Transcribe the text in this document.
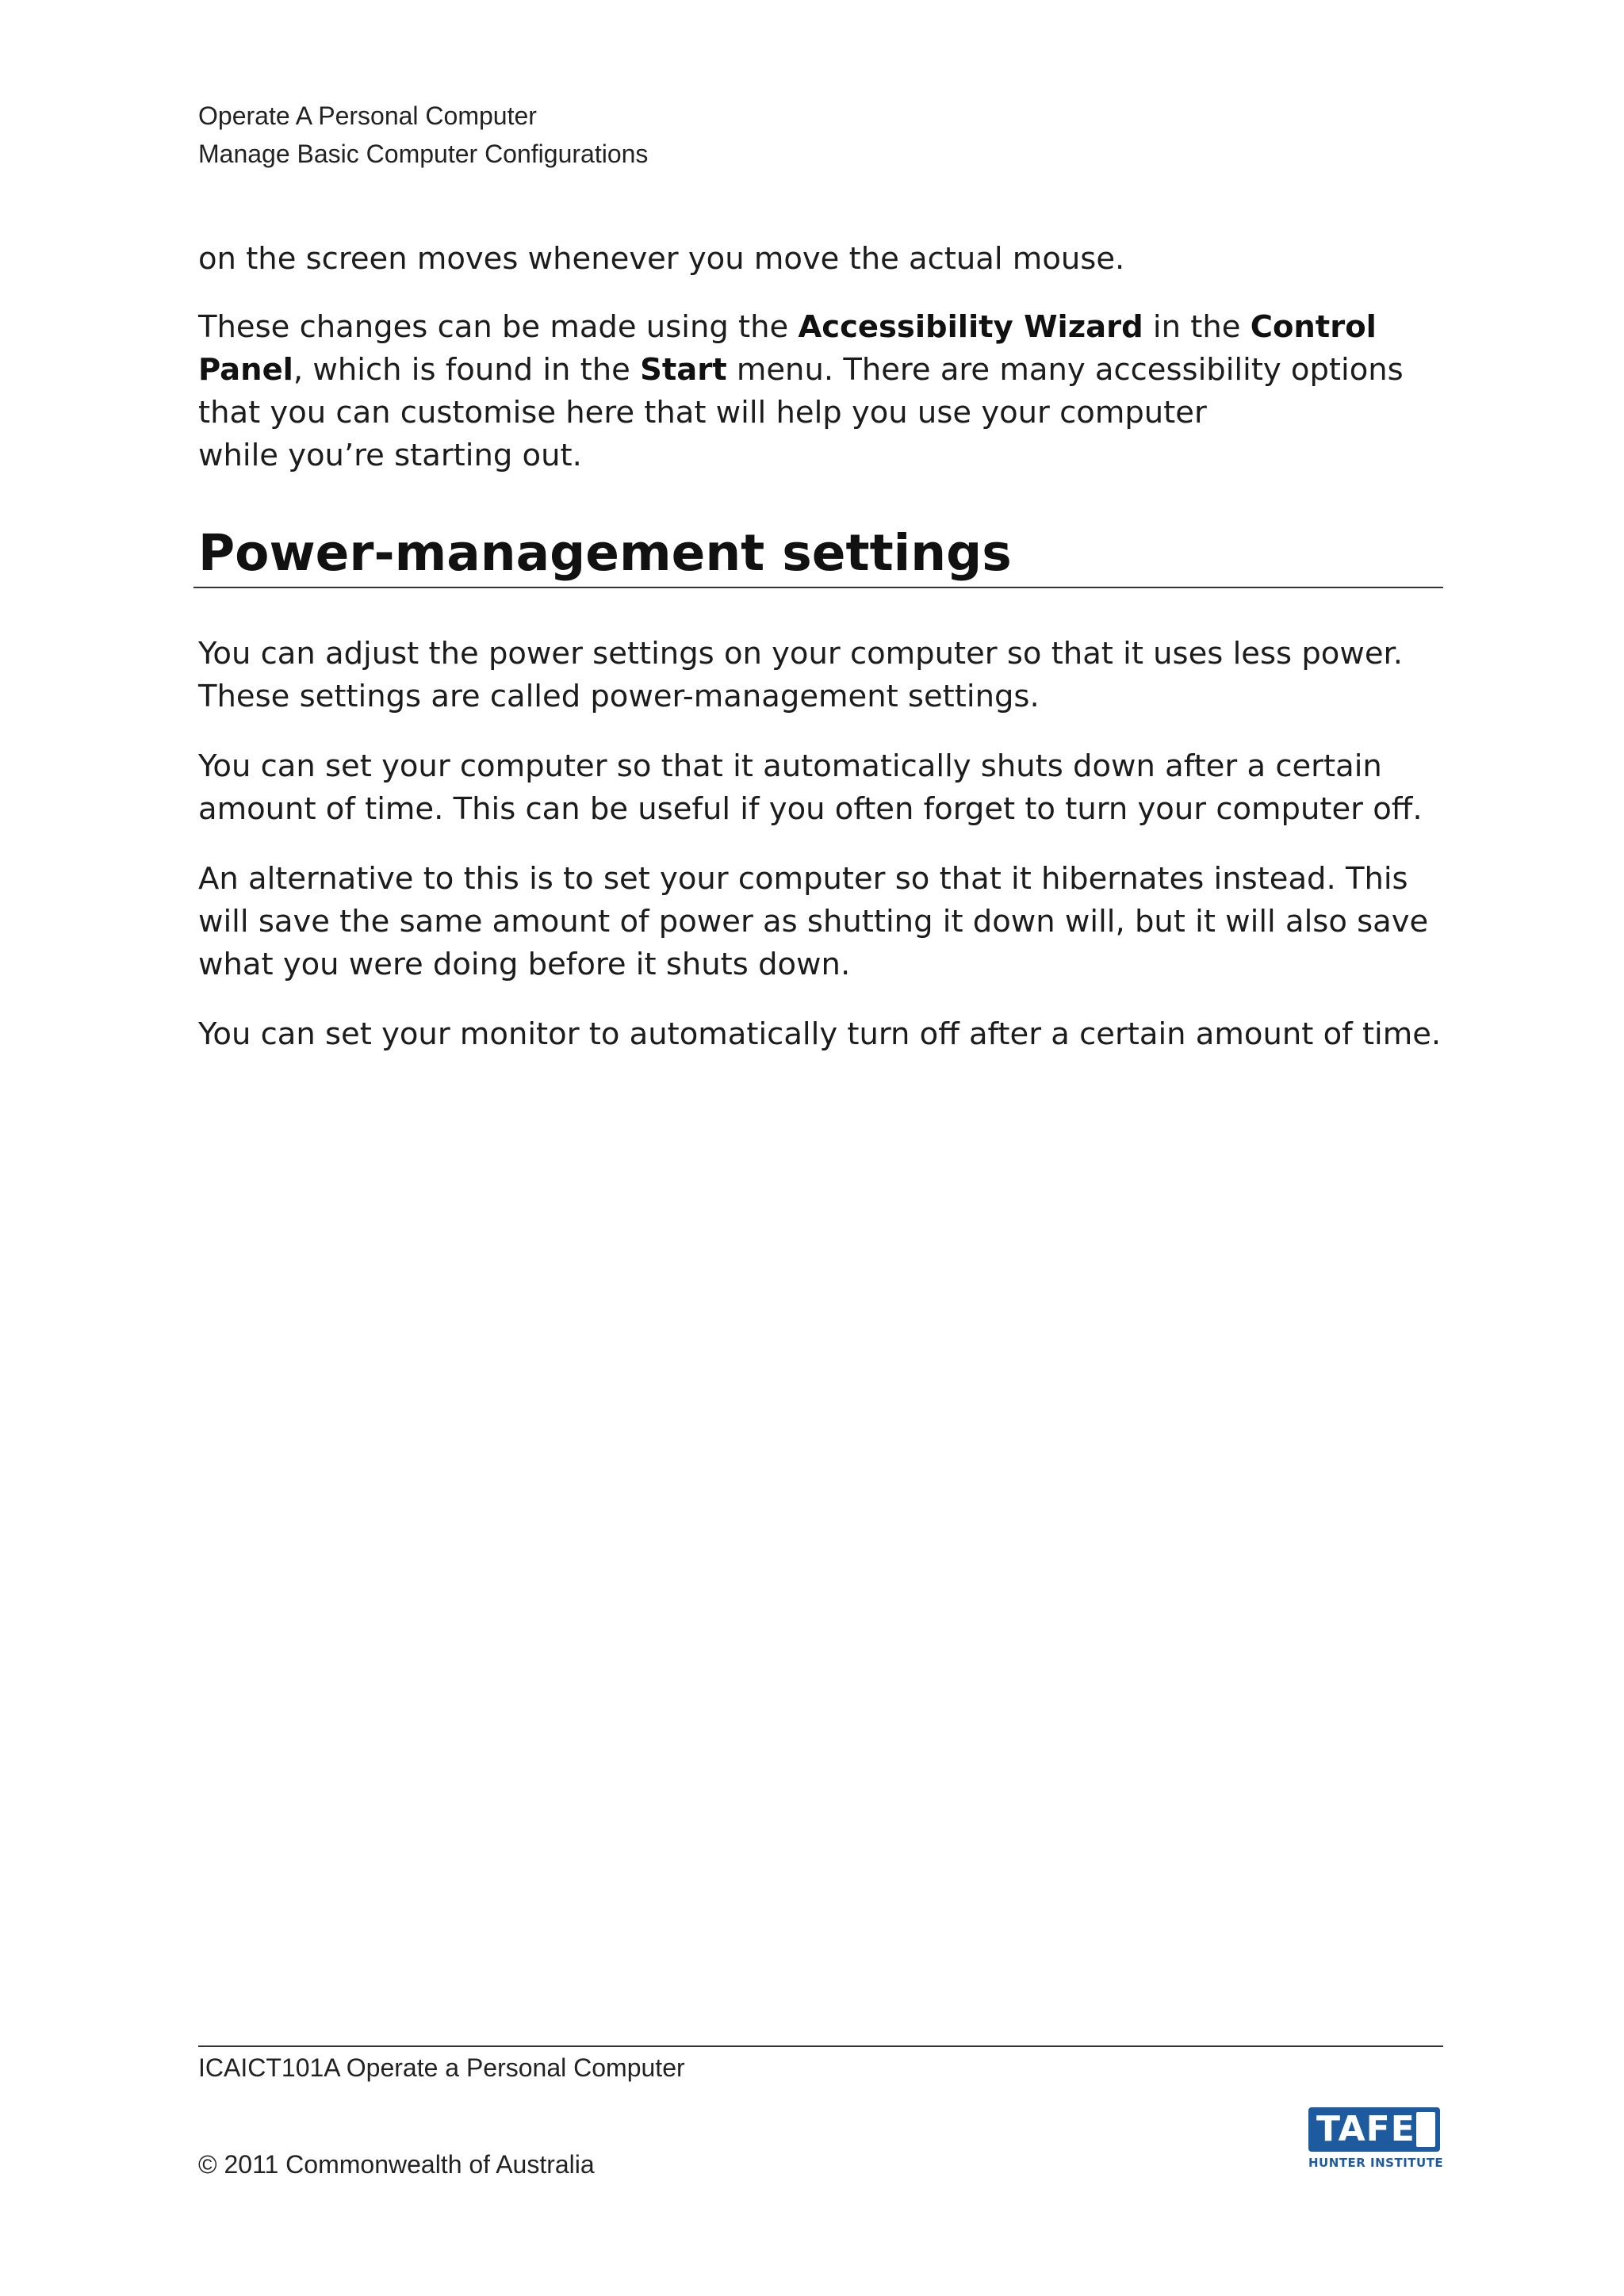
Operate A Personal Computer
Manage Basic Computer Configurations

on the screen moves whenever you move the actual mouse.

These changes can be made using the Accessibility Wizard in the Control Panel, which is found in the Start menu. There are many accessibility options that you can customise here that will help you use your computer
while you’re starting out.

Power-management settings

You can adjust the power settings on your computer so that it uses less power. These settings are called power-management settings.

You can set your computer so that it automatically shuts down after a certain amount of time. This can be useful if you often forget to turn your computer off.

An alternative to this is to set your computer so that it hibernates instead. This will save the same amount of power as shutting it down will, but it will also save what you were doing before it shuts down.

You can set your monitor to automatically turn off after a certain amount of time.

ICAICT101A Operate a Personal Computer
© 2011 Commonwealth of Australia
TAFE
HUNTER INSTITUTE
